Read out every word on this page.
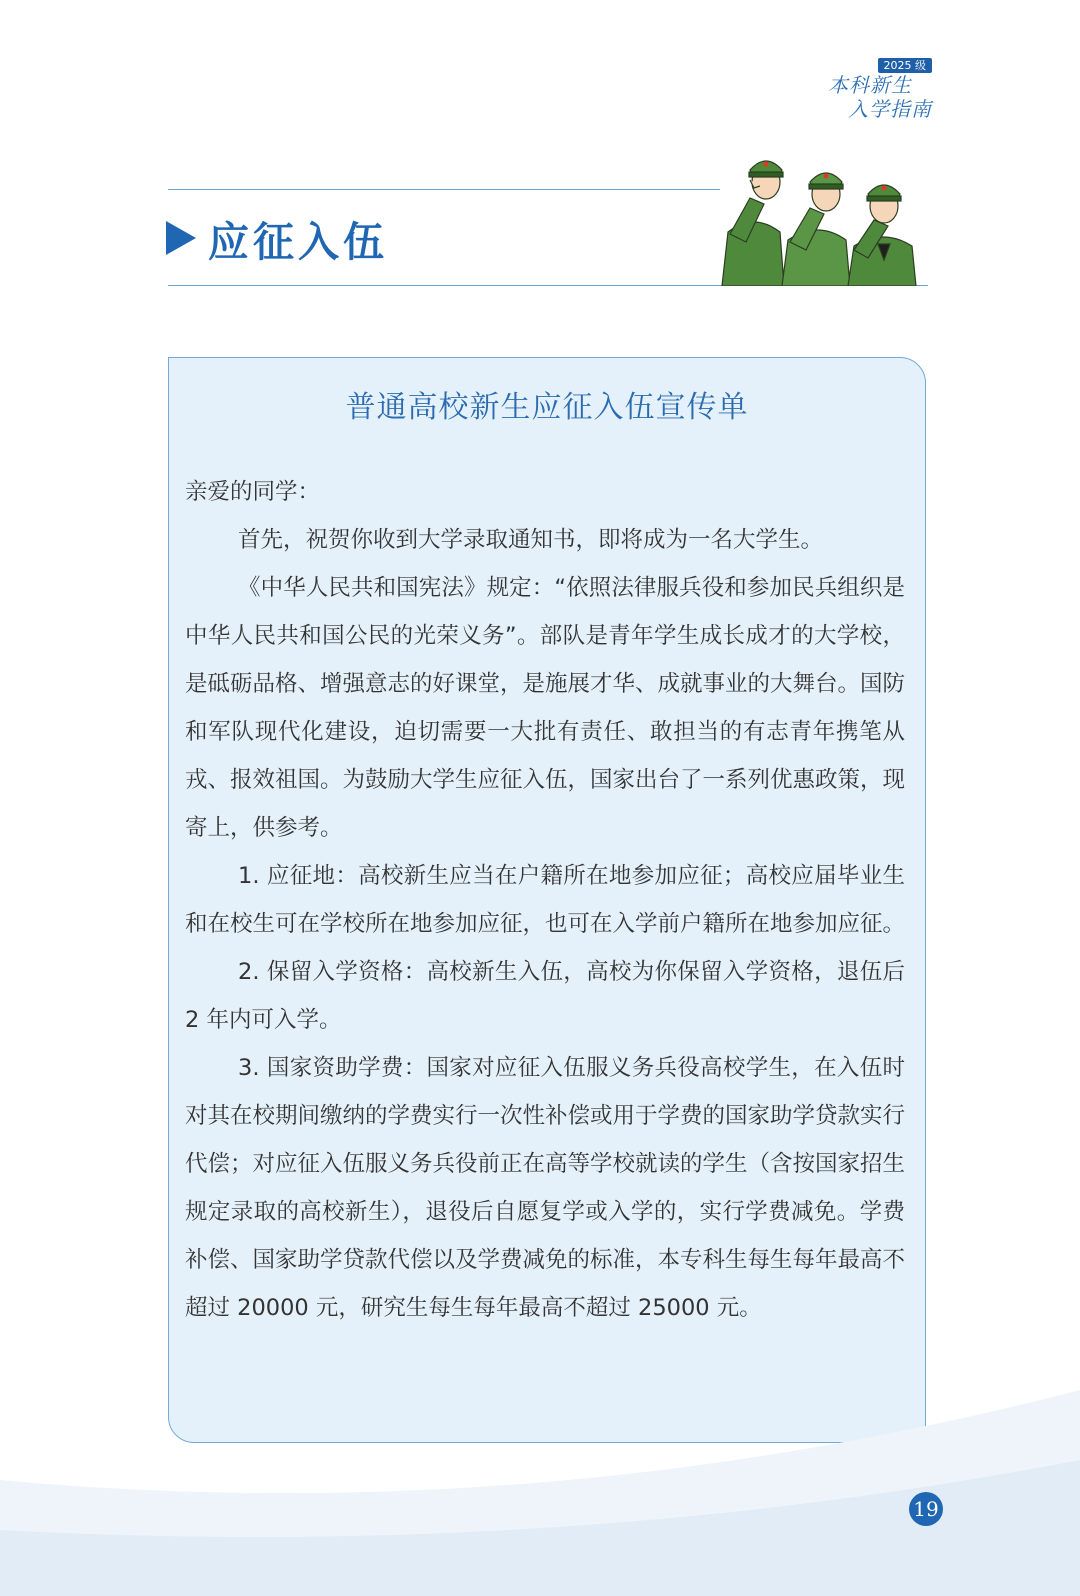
2025 级
本科新生
入学指南
应征入伍
普通高校新生应征入伍宣传单

亲爱的同学：

首先，祝贺你收到大学录取通知书，即将成为一名大学生。

《中华人民共和国宪法》规定：“依照法律服兵役和参加民兵组织是中华人民共和国公民的光荣义务”。部队是青年学生成长成才的大学校，是砥砺品格、增强意志的好课堂，是施展才华、成就事业的大舞台。国防和军队现代化建设，迫切需要一大批有责任、敢担当的有志青年携笔从戎、报效祖国。为鼓励大学生应征入伍，国家出台了一系列优惠政策，现寄上，供参考。

1. 应征地：高校新生应当在户籍所在地参加应征；高校应届毕业生和在校生可在学校所在地参加应征，也可在入学前户籍所在地参加应征。

2. 保留入学资格：高校新生入伍，高校为你保留入学资格，退伍后 2 年内可入学。

3. 国家资助学费：国家对应征入伍服义务兵役高校学生，在入伍时对其在校期间缴纳的学费实行一次性补偿或用于学费的国家助学贷款实行代偿；对应征入伍服义务兵役前正在高等学校就读的学生（含按国家招生规定录取的高校新生），退役后自愿复学或入学的，实行学费减免。学费补偿、国家助学贷款代偿以及学费减免的标准，本专科生每生每年最高不超过 20000 元，研究生每生每年最高不超过 25000 元。

19
